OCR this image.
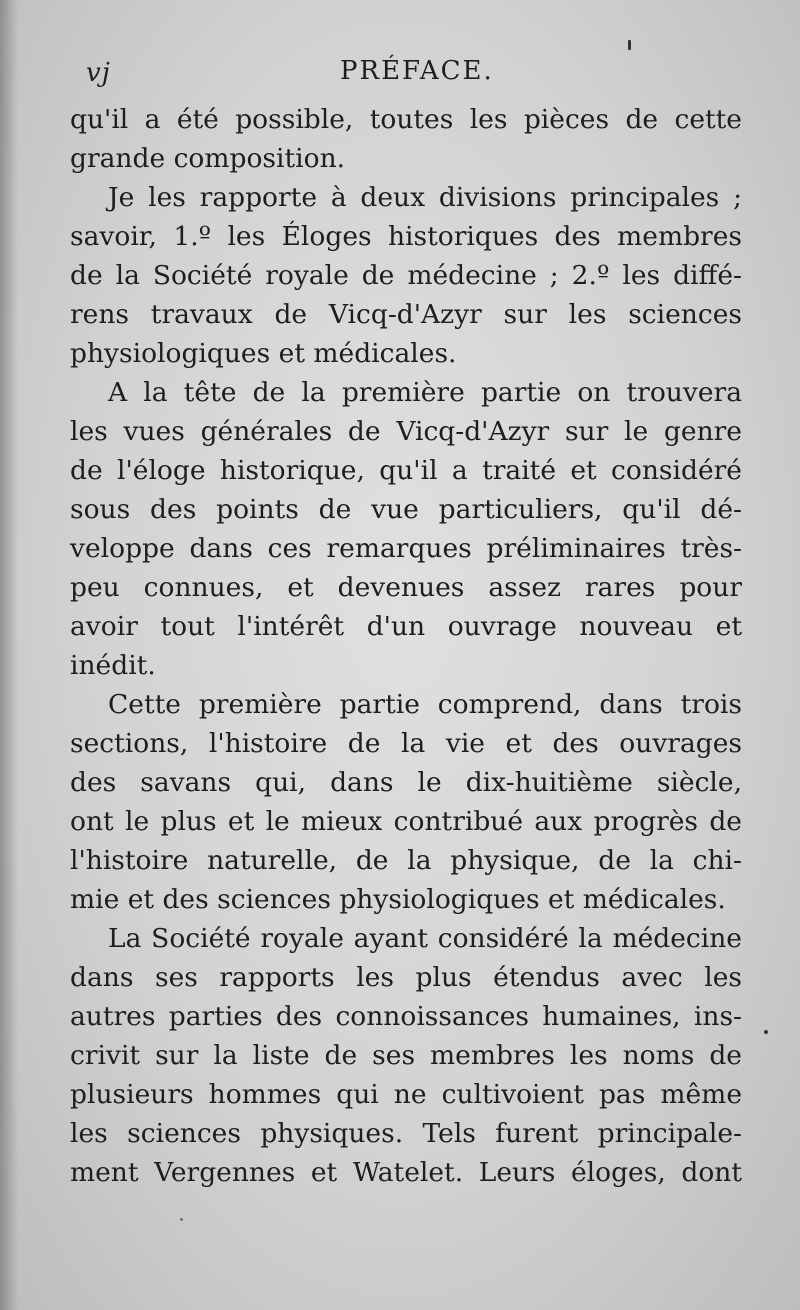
vj	PRÉFACE.
qu'il a été possible, toutes les pièces de cette
grande composition.
Je les rapporte à deux divisions principales ;
savoir, 1.º les Éloges historiques des membres
de la Société royale de médecine ; 2.º les diffé-
rens travaux de Vicq-d'Azyr sur les sciences
physiologiques et médicales.
A la tête de la première partie on trouvera
les vues générales de Vicq-d'Azyr sur le genre
de l'éloge historique, qu'il a traité et considéré
sous des points de vue particuliers, qu'il dé-
veloppe dans ces remarques préliminaires très-
peu connues, et devenues assez rares pour
avoir tout l'intérêt d'un ouvrage nouveau et
inédit.
Cette première partie comprend, dans trois
sections, l'histoire de la vie et des ouvrages
des savans qui, dans le dix-huitième siècle,
ont le plus et le mieux contribué aux progrès de
l'histoire naturelle, de la physique, de la chi-
mie et des sciences physiologiques et médicales.
La Société royale ayant considéré la médecine
dans ses rapports les plus étendus avec les
autres parties des connoissances humaines, ins-
crivit sur la liste de ses membres les noms de
plusieurs hommes qui ne cultivoient pas même
les sciences physiques. Tels furent principale-
ment Vergennes et Watelet. Leurs éloges, dont
